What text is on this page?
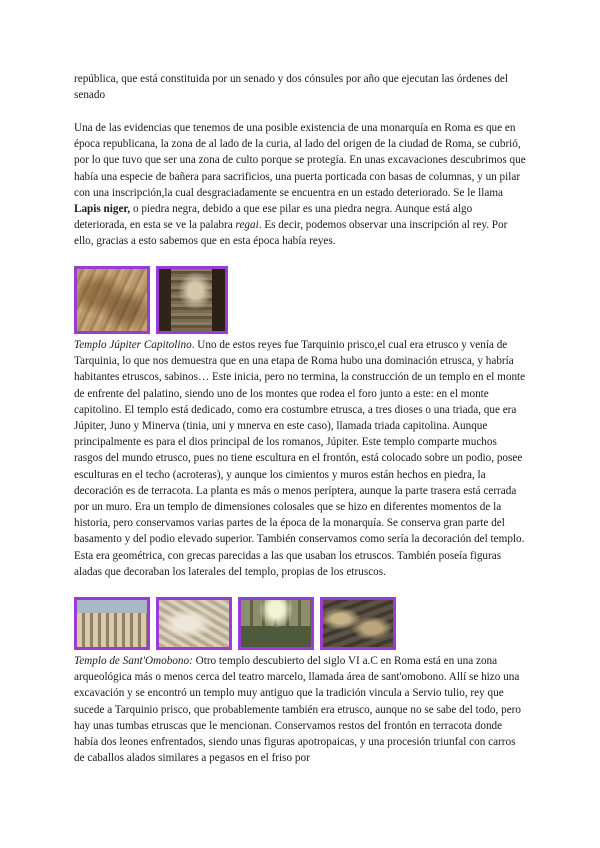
república, que está constituida por un senado y dos cónsules por año que ejecutan las órdenes del senado

Una de las evidencias que tenemos de una posible existencia de una monarquía en Roma es que en época republicana, la zona de al lado de la curia, al lado del origen de la ciudad de Roma, se cubrió, por lo que tuvo que ser una zona de culto porque se protegía. En unas excavaciones descubrimos que había una especie de bañera para sacrificios, una puerta porticada con basas de columnas, y un pilar con una inscripción,la cual desgraciadamente se encuentra en un estado deteriorado. Se le llama Lapis niger, o piedra negra, debido a que ese pilar es una piedra negra. Aunque está algo deteriorada, en esta se ve la palabra regai. Es decir, podemos observar una inscripción al rey. Por ello, gracias a esto sabemos que en esta época había reyes.

Templo Júpiter Capitolino. Uno de estos reyes fue Tarquinio prisco,el cual era etrusco y venía de Tarquinia, lo que nos demuestra que en una etapa de Roma hubo una dominación etrusca, y habría habitantes etruscos, sabinos… Este inicia, pero no termina, la construcción de un templo en el monte de enfrente del palatino, siendo uno de los montes que rodea el foro junto a este: en el monte capitolino. El templo está dedicado, como era costumbre etrusca, a tres dioses o una triada, que era Júpiter, Juno y Minerva (tinia, uni y mnerva en este caso), llamada triada capitolina. Aunque principalmente es para el dios principal de los romanos, Júpiter. Este templo comparte muchos rasgos del mundo etrusco, pues no tiene escultura en el frontón, está colocado sobre un podio, posee esculturas en el techo (acroteras), y aunque los cimientos y muros están hechos en piedra, la decoración es de terracota. La planta es más o menos períptera, aunque la parte trasera está cerrada por un muro. Era un templo de dimensiones colosales que se hizo en diferentes momentos de la historia, pero conservamos varias partes de la época de la monarquía. Se conserva gran parte del basamento y del podio elevado superior. También conservamos como sería la decoración del templo. Esta era geométrica, con grecas parecidas a las que usaban los etruscos. También poseía figuras aladas que decoraban los laterales del templo, propias de los etruscos.

Templo de Sant'Omobono: Otro templo descubierto del siglo VI a.C en Roma está en una zona arqueológica más o menos cerca del teatro marcelo, llamada área de sant'omobono. Allí se hizo una excavación y se encontró un templo muy antiguo que la tradición vincula a Servio tulio, rey que sucede a Tarquinio prisco, que probablemente también era etrusco, aunque no se sabe del todo, pero hay unas tumbas etruscas que le mencionan. Conservamos restos del frontón en terracota donde había dos leones enfrentados, siendo unas figuras apotropaicas, y una procesión triunfal con carros de caballos alados similares a pegasos en el friso por
